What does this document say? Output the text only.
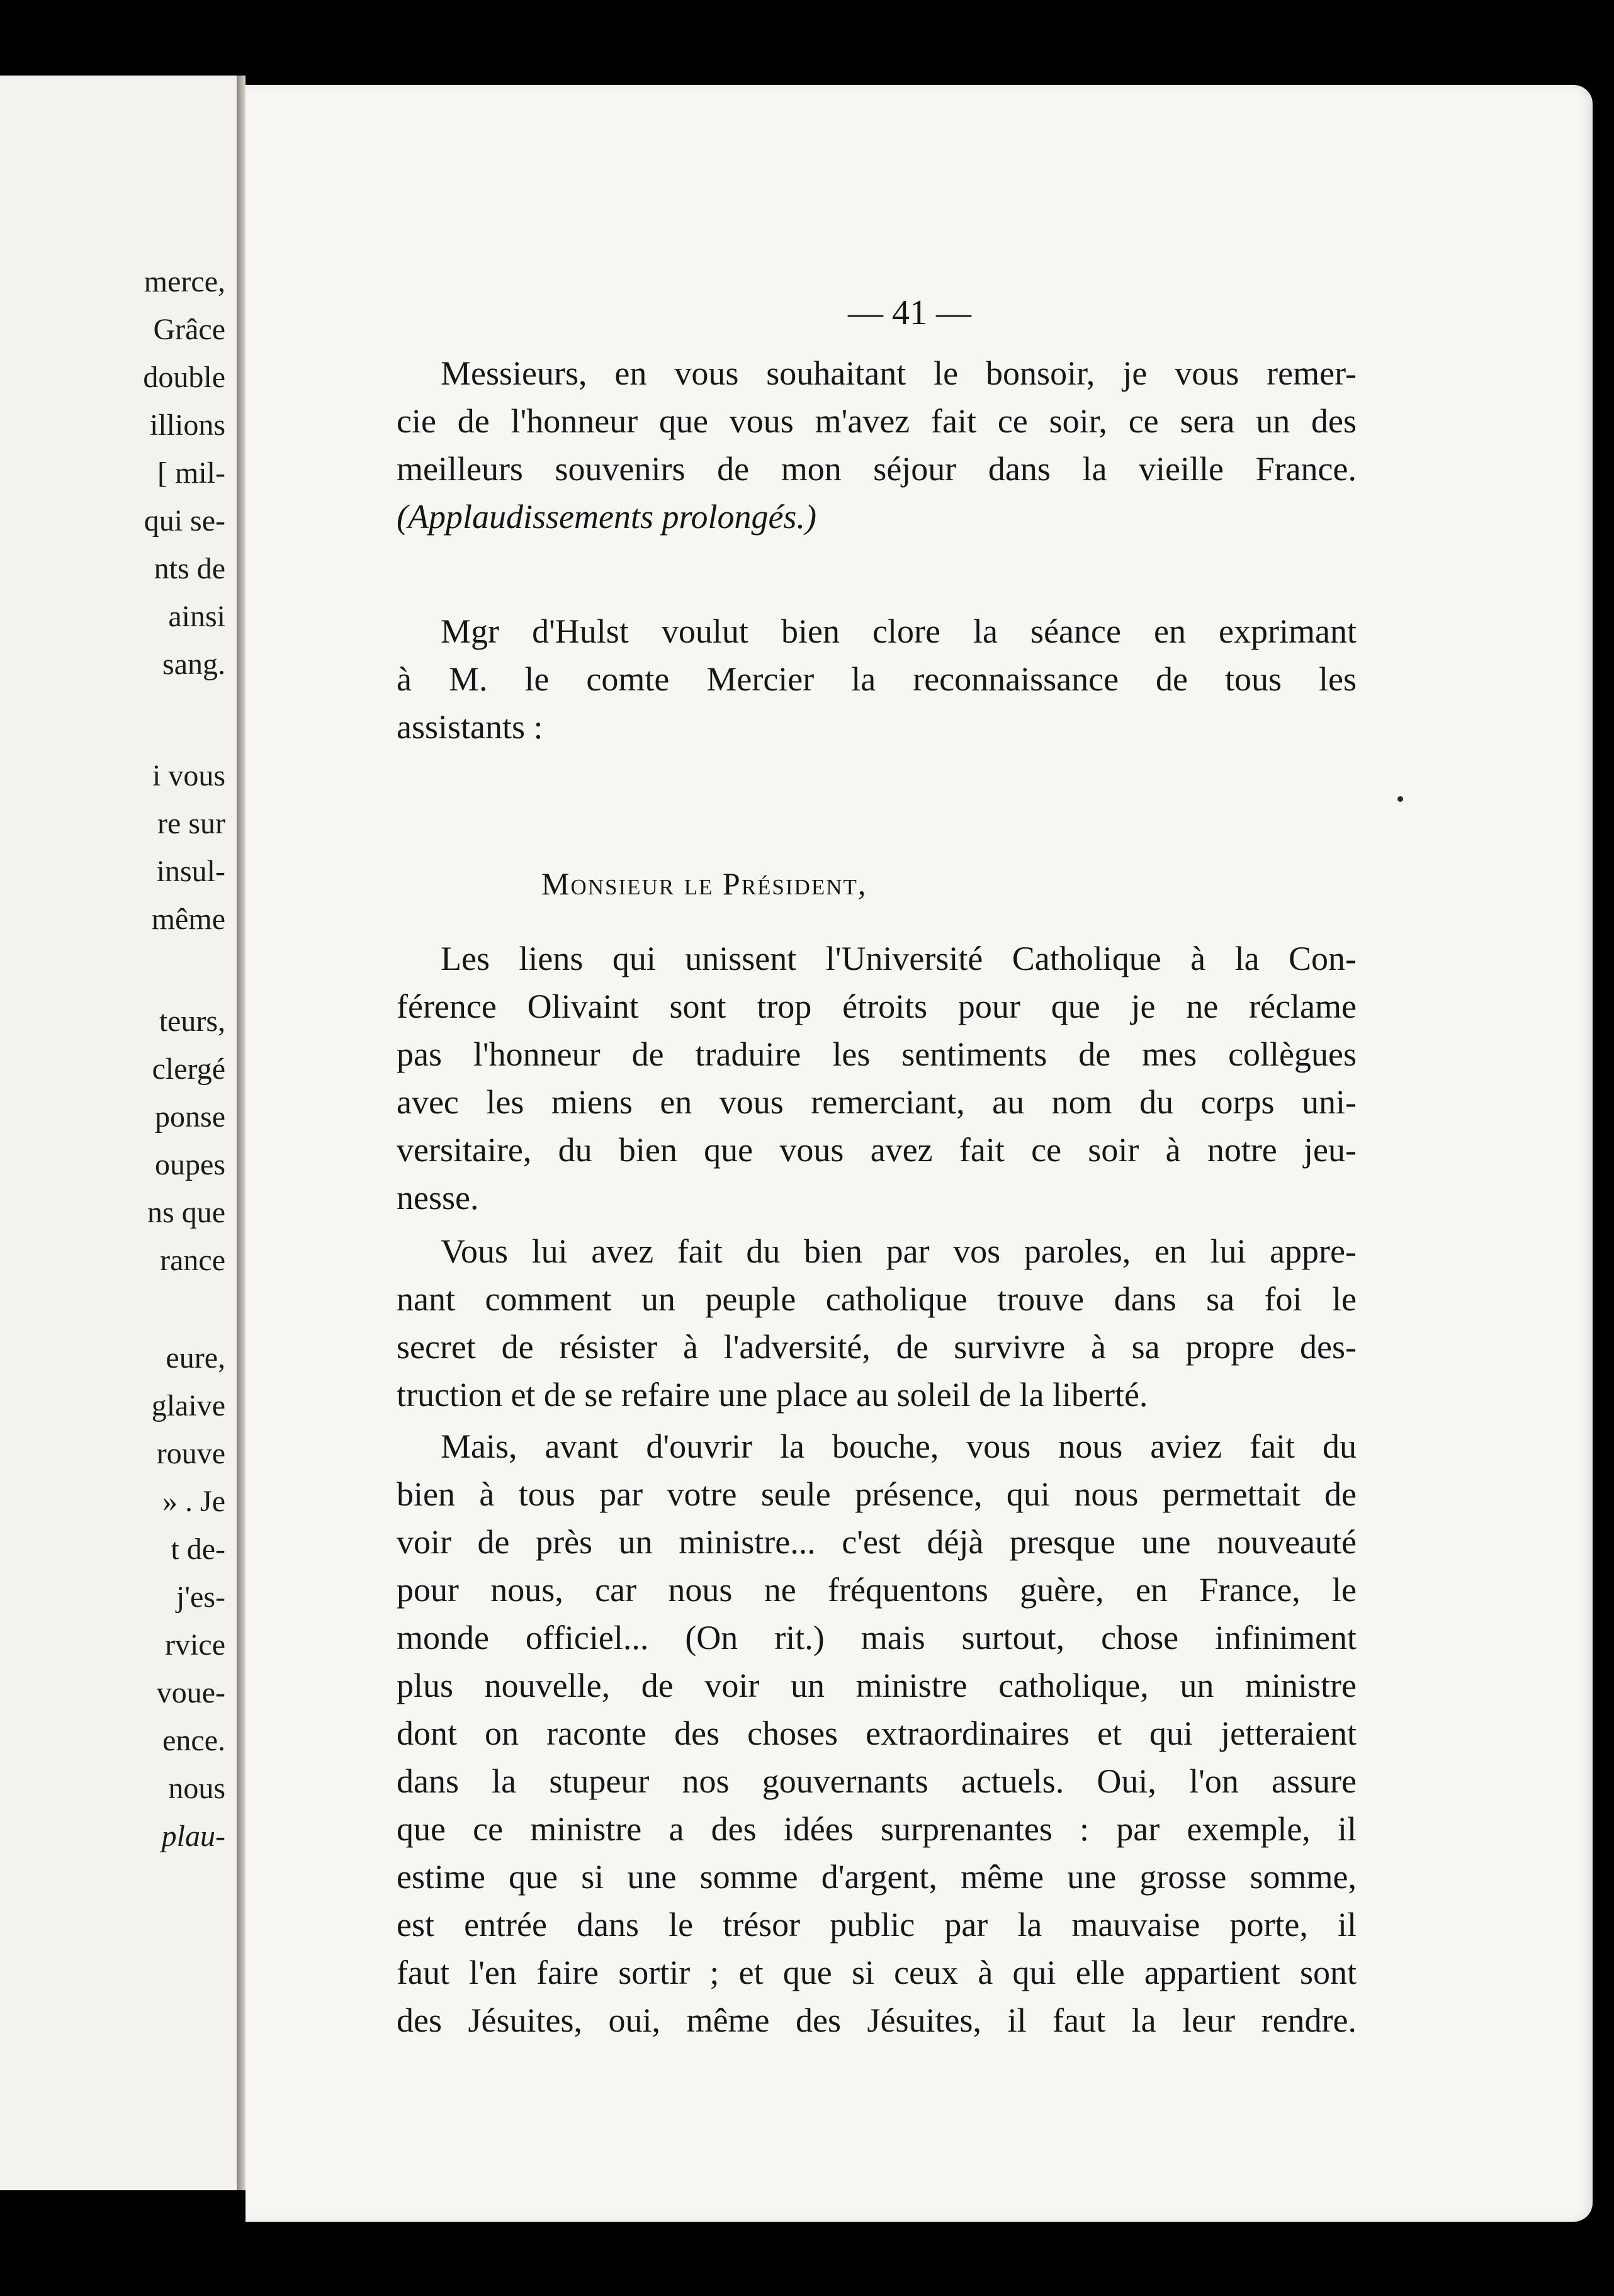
merce,
Grâce
double
illions
[ mil-
qui se-
nts de
ainsi
sang.
i vous
re sur
insul-
même
teurs,
clergé
ponse
oupes
ns que
rance
eure,
glaive
rouve
» . Je
t de-
j'es-
rvice
voue-
ence.
nous
plau-
— 41 —
Messieurs, en vous souhaitant le bonsoir, je vous remer-
cie de l'honneur que vous m'avez fait ce soir, ce sera un des
meilleurs souvenirs de mon séjour dans la vieille France.
(Applaudissements prolongés.)
Mgr d'Hulst voulut bien clore la séance en exprimant
à M. le comte Mercier la reconnaissance de tous les
assistants :
Monsieur le Président,
Les liens qui unissent l'Université Catholique à la Con-
férence Olivaint sont trop étroits pour que je ne réclame
pas l'honneur de traduire les sentiments de mes collègues
avec les miens en vous remerciant, au nom du corps uni-
versitaire, du bien que vous avez fait ce soir à notre jeu-
nesse.
Vous lui avez fait du bien par vos paroles, en lui appre-
nant comment un peuple catholique trouve dans sa foi le
secret de résister à l'adversité, de survivre à sa propre des-
truction et de se refaire une place au soleil de la liberté.
Mais, avant d'ouvrir la bouche, vous nous aviez fait du
bien à tous par votre seule présence, qui nous permettait de
voir de près un ministre... c'est déjà presque une nouveauté
pour nous, car nous ne fréquentons guère, en France, le
monde officiel... (On rit.) mais surtout, chose infiniment
plus nouvelle, de voir un ministre catholique, un ministre
dont on raconte des choses extraordinaires et qui jetteraient
dans la stupeur nos gouvernants actuels. Oui, l'on assure
que ce ministre a des idées surprenantes : par exemple, il
estime que si une somme d'argent, même une grosse somme,
est entrée dans le trésor public par la mauvaise porte, il
faut l'en faire sortir ; et que si ceux à qui elle appartient sont
des Jésuites, oui, même des Jésuites, il faut la leur rendre.
